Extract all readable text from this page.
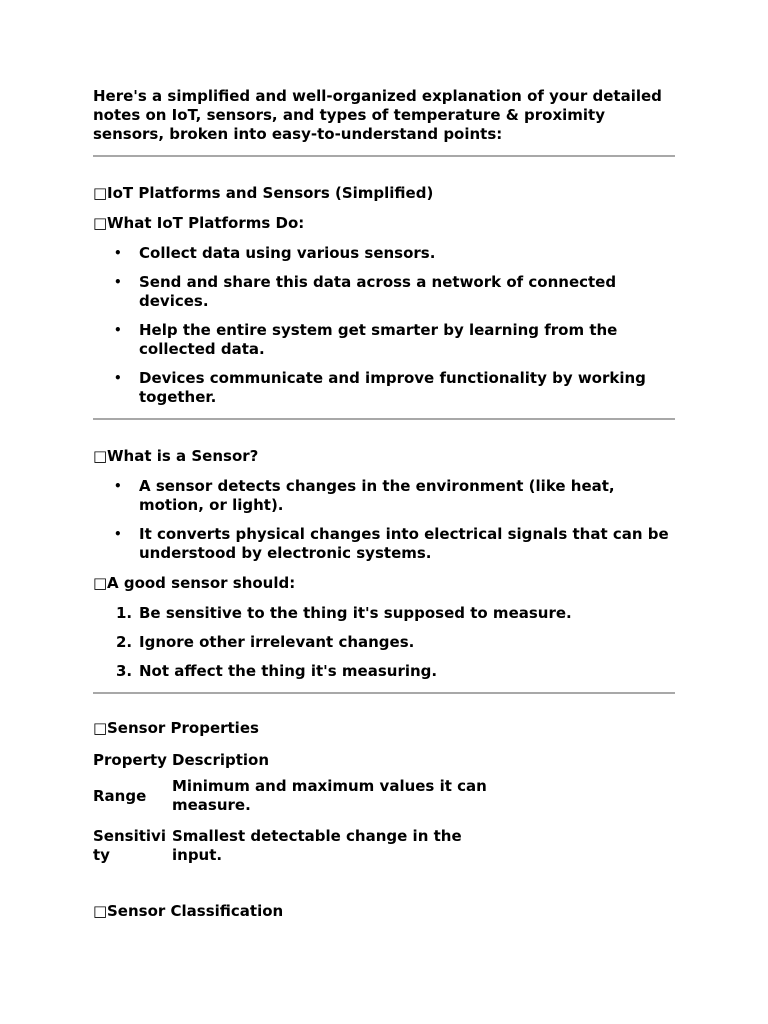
Here's a simplified and well-organized explanation of your detailed notes on IoT, sensors, and types of temperature & proximity sensors, broken into easy-to-understand points:

□ IoT Platforms and Sensors (Simplified)
□ What IoT Platforms Do:
• Collect data using various sensors.
• Send and share this data across a network of connected devices.
• Help the entire system get smarter by learning from the collected data.
• Devices communicate and improve functionality by working together.
□ What is a Sensor?
• A sensor detects changes in the environment (like heat, motion, or light).
• It converts physical changes into electrical signals that can be understood by electronic systems.
□ A good sensor should:
1. Be sensitive to the thing it's supposed to measure.
2. Ignore other irrelevant changes.
3. Not affect the thing it's measuring.
□ Sensor Properties
Property	Description
Range	Minimum and maximum values it can measure.
Sensitivity	Smallest detectable change in the input.
□ Sensor Classification
